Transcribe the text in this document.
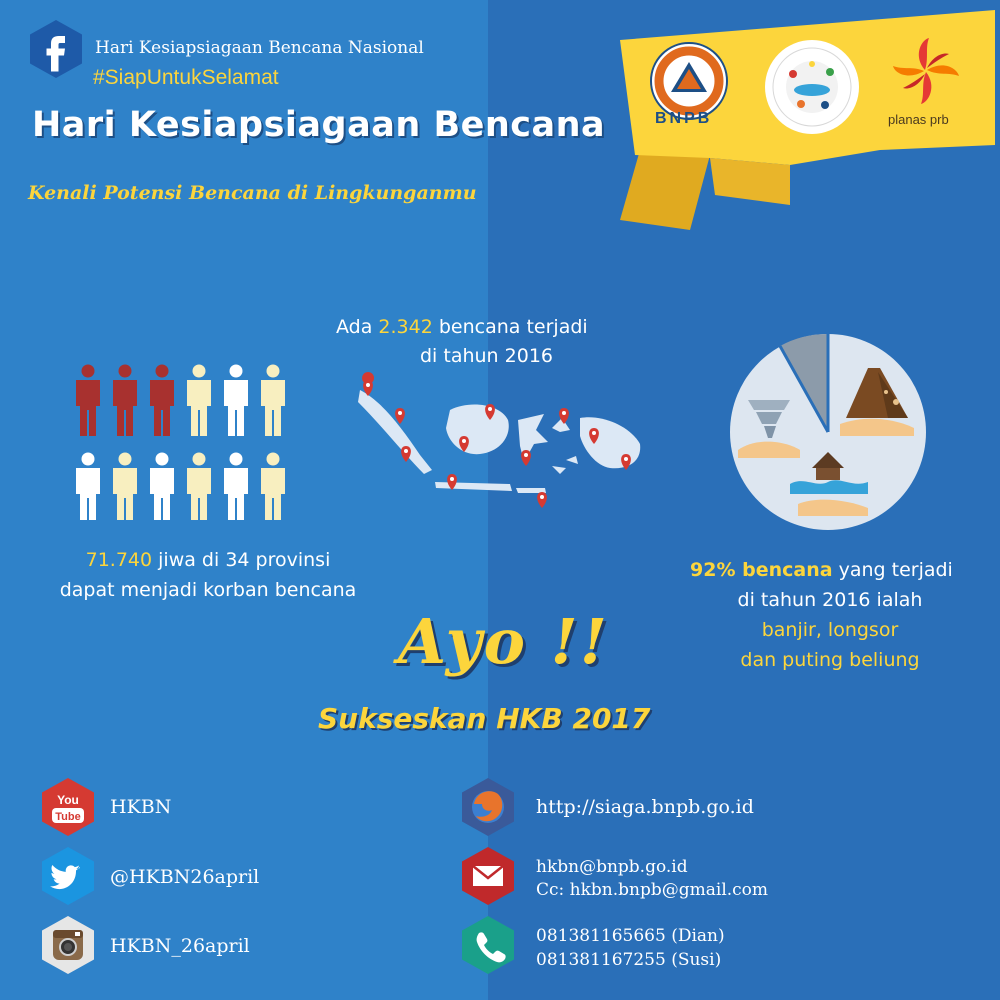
Hari Kesiapsiagaan Bencana Nasional
#SiapUntukSelamat
Hari Kesiapsiagaan Bencana
Kenali Potensi Bencana di Lingkunganmu
BNPB	planas prb
Ada 2.342 bencana terjadi
di tahun 2016
71.740 jiwa di 34 provinsi
dapat menjadi korban bencana
92% bencana yang terjadi
di tahun 2016 ialah
banjir, longsor
dan puting beliung
Ayo !!
Sukseskan HKB 2017
You
Tube HKBN
@HKBN26april
HKBN_26april
http://siaga.bnpb.go.id
hkbn@bnpb.go.id
Cc: hkbn.bnpb@gmail.com
081381165665 (Dian)
081381167255 (Susi)
